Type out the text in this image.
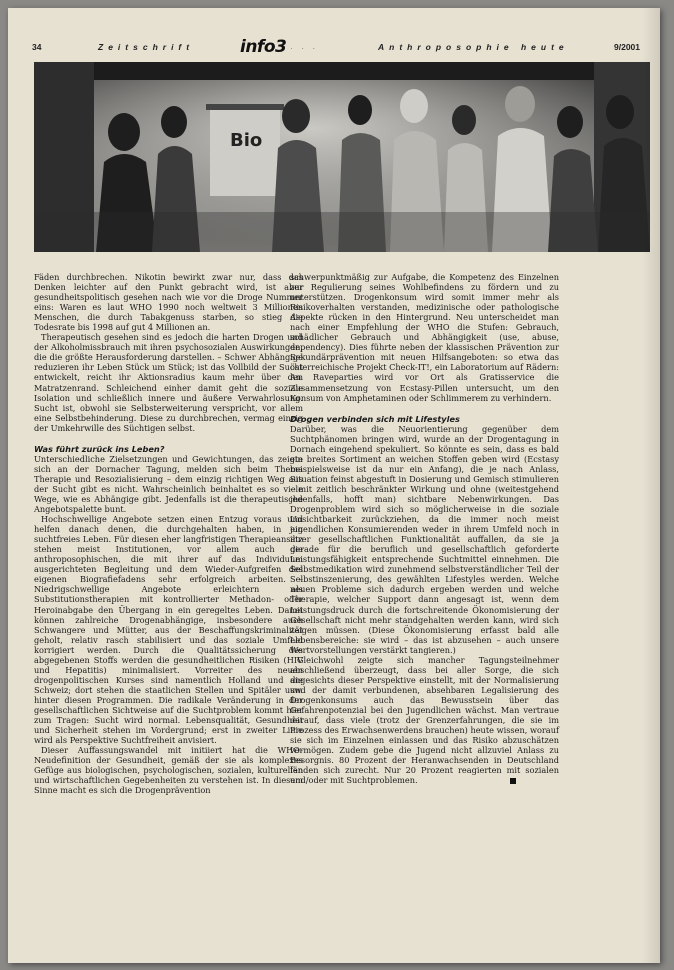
34	Zeitschrift	info3 · · ·	Anthroposophie heute	9/2001
Bio

Fäden durchbrechen. Nikotin bewirkt zwar nur, dass das Denken leichter auf den Punkt gebracht wird, ist aber gesundheitspolitisch gesehen nach wie vor die Droge Nummer eins: Waren es laut WHO 1990 noch weltweit 3 Millionen Menschen, die durch Tabakgenuss starben, so stieg die Todesrate bis 1998 auf gut 4 Millionen an.

Therapeutisch gesehen sind es jedoch die harten Drogen und der Alkoholmissbrauch mit ihren psychosozialen Auswirkungen, die die größte Herausforderung darstellen. – Schwer Abhängige reduzieren ihr Leben Stück um Stück; ist das Vollbild der Sucht entwickelt, reicht ihr Aktionsradius kaum mehr über den Matratzenrand. Schleichend einher damit geht die soziale Isolation und schließlich innere und äußere Verwahrlosung. Sucht ist, obwohl sie Selbsterweiterung verspricht, vor allem eine Selbstbehinderung. Diese zu durchbrechen, vermag einzig der Umkehrwille des Süchtigen selbst.

Was führt zurück ins Leben?

Unterschiedliche Zielsetzungen und Gewichtungen, das zeigte sich an der Dornacher Tagung, melden sich beim Thema Therapie und Resozialisierung – dem einzig richtigen Weg aus der Sucht gibt es nicht. Wahrscheinlich beinhaltet es so viele Wege, wie es Abhängige gibt. Jedenfalls ist die therapeutische Angebotspalette bunt.

Hochschwellige Angebote setzen einen Entzug voraus und helfen danach denen, die durchgehalten haben, in ein suchtfreies Leben. Für diesen eher langfristigen Therapieansatz stehen meist Institutionen, vor allem auch die anthroposophischen, die mit ihrer auf das Individuum ausgerichteten Begleitung und dem Wieder-Aufgreifen des eigenen Biografiefadens sehr erfolgreich arbeiten. – Niedrigschwellige Angebote erleichtern als Substitutionstherapien mit kontrollierter Methadon- oder Heroinabgabe den Übergang in ein geregeltes Leben. Damit können zahlreiche Drogenabhängige, insbesondere auch Schwangere und Mütter, aus der Beschaffungskriminalität geholt, relativ rasch stabilisiert und das soziale Umfeld korrigiert werden. Durch die Qualitätssicherung des abgegebenen Stoffs werden die gesundheitlichen Risiken (HIV und Hepatitis) minimalisiert. Vorreiter des neuen drogenpolitischen Kurses sind namentlich Holland und die Schweiz; dort stehen die staatlichen Stellen und Spitäler usw. hinter diesen Programmen. Die radikale Veränderung in der gesellschaftlichen Sichtweise auf die Suchtproblem kommt hier zum Tragen: Sucht wird normal. Lebensqualität, Gesundheit und Sicherheit stehen im Vordergrund; erst in zweiter Linie wird als Perspektive Suchtfreiheit anvisiert.

Dieser Auffassungswandel mit initiiert hat die WHO-Neudefinition der Gesundheit, gemäß der sie als komplexes Gefüge aus biologischen, psychologischen, sozialen, kulturellen und wirtschaftlichen Gegebenheiten zu verstehen ist. In diesem Sinne macht es sich die Drogenprävention

schwerpunktmäßig zur Aufgabe, die Kompetenz des Einzelnen zur Regulierung seines Wohlbefindens zu fördern und zu unterstützen. Drogenkonsum wird somit immer mehr als Risikoverhalten verstanden, medizinische oder pathologische Aspekte rücken in den Hintergrund. Neu unterscheidet man nach einer Empfehlung der WHO die Stufen: Gebrauch, schädlicher Gebrauch und Abhängigkeit (use, abuse, dependency). Dies führte neben der klassischen Prävention zur Sekundärprävention mit neuen Hilfsangeboten: so etwa das österreichische Projekt Check-IT!, ein Laboratorium auf Rädern: An Raveparties wird vor Ort als Gratisservice die Zusammensetzung von Ecstasy-Pillen untersucht, um den Konsum von Amphetaminen oder Schlimmerem zu verhindern.

Drogen verbinden sich mit Lifestyles

Darüber, was die Neuorientierung gegenüber dem Suchtphänomen bringen wird, wurde an der Drogentagung in Dornach eingehend spekuliert. So könnte es sein, dass es bald ein breites Sortiment an weichen Stoffen geben wird (Ecstasy beispielsweise ist da nur ein Anfang), die je nach Anlass, Situation feinst abgestuft in Dosierung und Gemisch stimulieren – mit zeitlich beschränkter Wirkung und ohne (weitestgehend jedenfalls, hofft man) sichtbare Nebenwirkungen. Das Drogenproblem wird sich so möglicherweise in die soziale Unsichtbarkeit zurückziehen, da die immer noch meist jugendlichen Konsumierenden weder in ihrem Umfeld noch in ihrer gesellschaftlichen Funktionalität auffallen, da sie ja gerade für die beruflich und gesellschaftlich geforderte Leistungsfähigkeit entsprechende Suchtmittel einnehmen. Die Selbstmedikation wird zunehmend selbstverständlicher Teil der Selbstinszenierung, des gewählten Lifestyles werden. Welche neuen Probleme sich dadurch ergeben werden und welche Therapie, welcher Support dann angesagt ist, wenn dem Leistungsdruck durch die fortschreitende Ökonomisierung der Gesellschaft nicht mehr standgehalten werden kann, wird sich zeigen müssen. (Diese Ökonomisierung erfasst bald alle Lebensbereiche: sie wird – das ist abzusehen – auch unsere Wertvorstellungen verstärkt tangieren.)

Gleichwohl zeigte sich mancher Tagungsteilnehmer abschließend überzeugt, dass bei aller Sorge, die sich angesichts dieser Perspektive einstellt, mit der Normalisierung und der damit verbundenen, absehbaren Legalisierung des Drogenkonsums auch das Bewusstsein über das Gefahrenpotenzial bei den Jugendlichen wächst. Man vertraue darauf, dass viele (trotz der Grenzerfahrungen, die sie im Prozess des Erwachsenwerdens brauchen) heute wissen, worauf sie sich im Einzelnen einlassen und das Risiko abzuschätzen vermögen. Zudem gebe die Jugend nicht allzuviel Anlass zu Besorgnis. 80 Prozent der Heranwachsenden in Deutschland fänden sich zurecht. Nur 20 Prozent reagierten mit sozialen und/oder mit Suchtproblemen.
